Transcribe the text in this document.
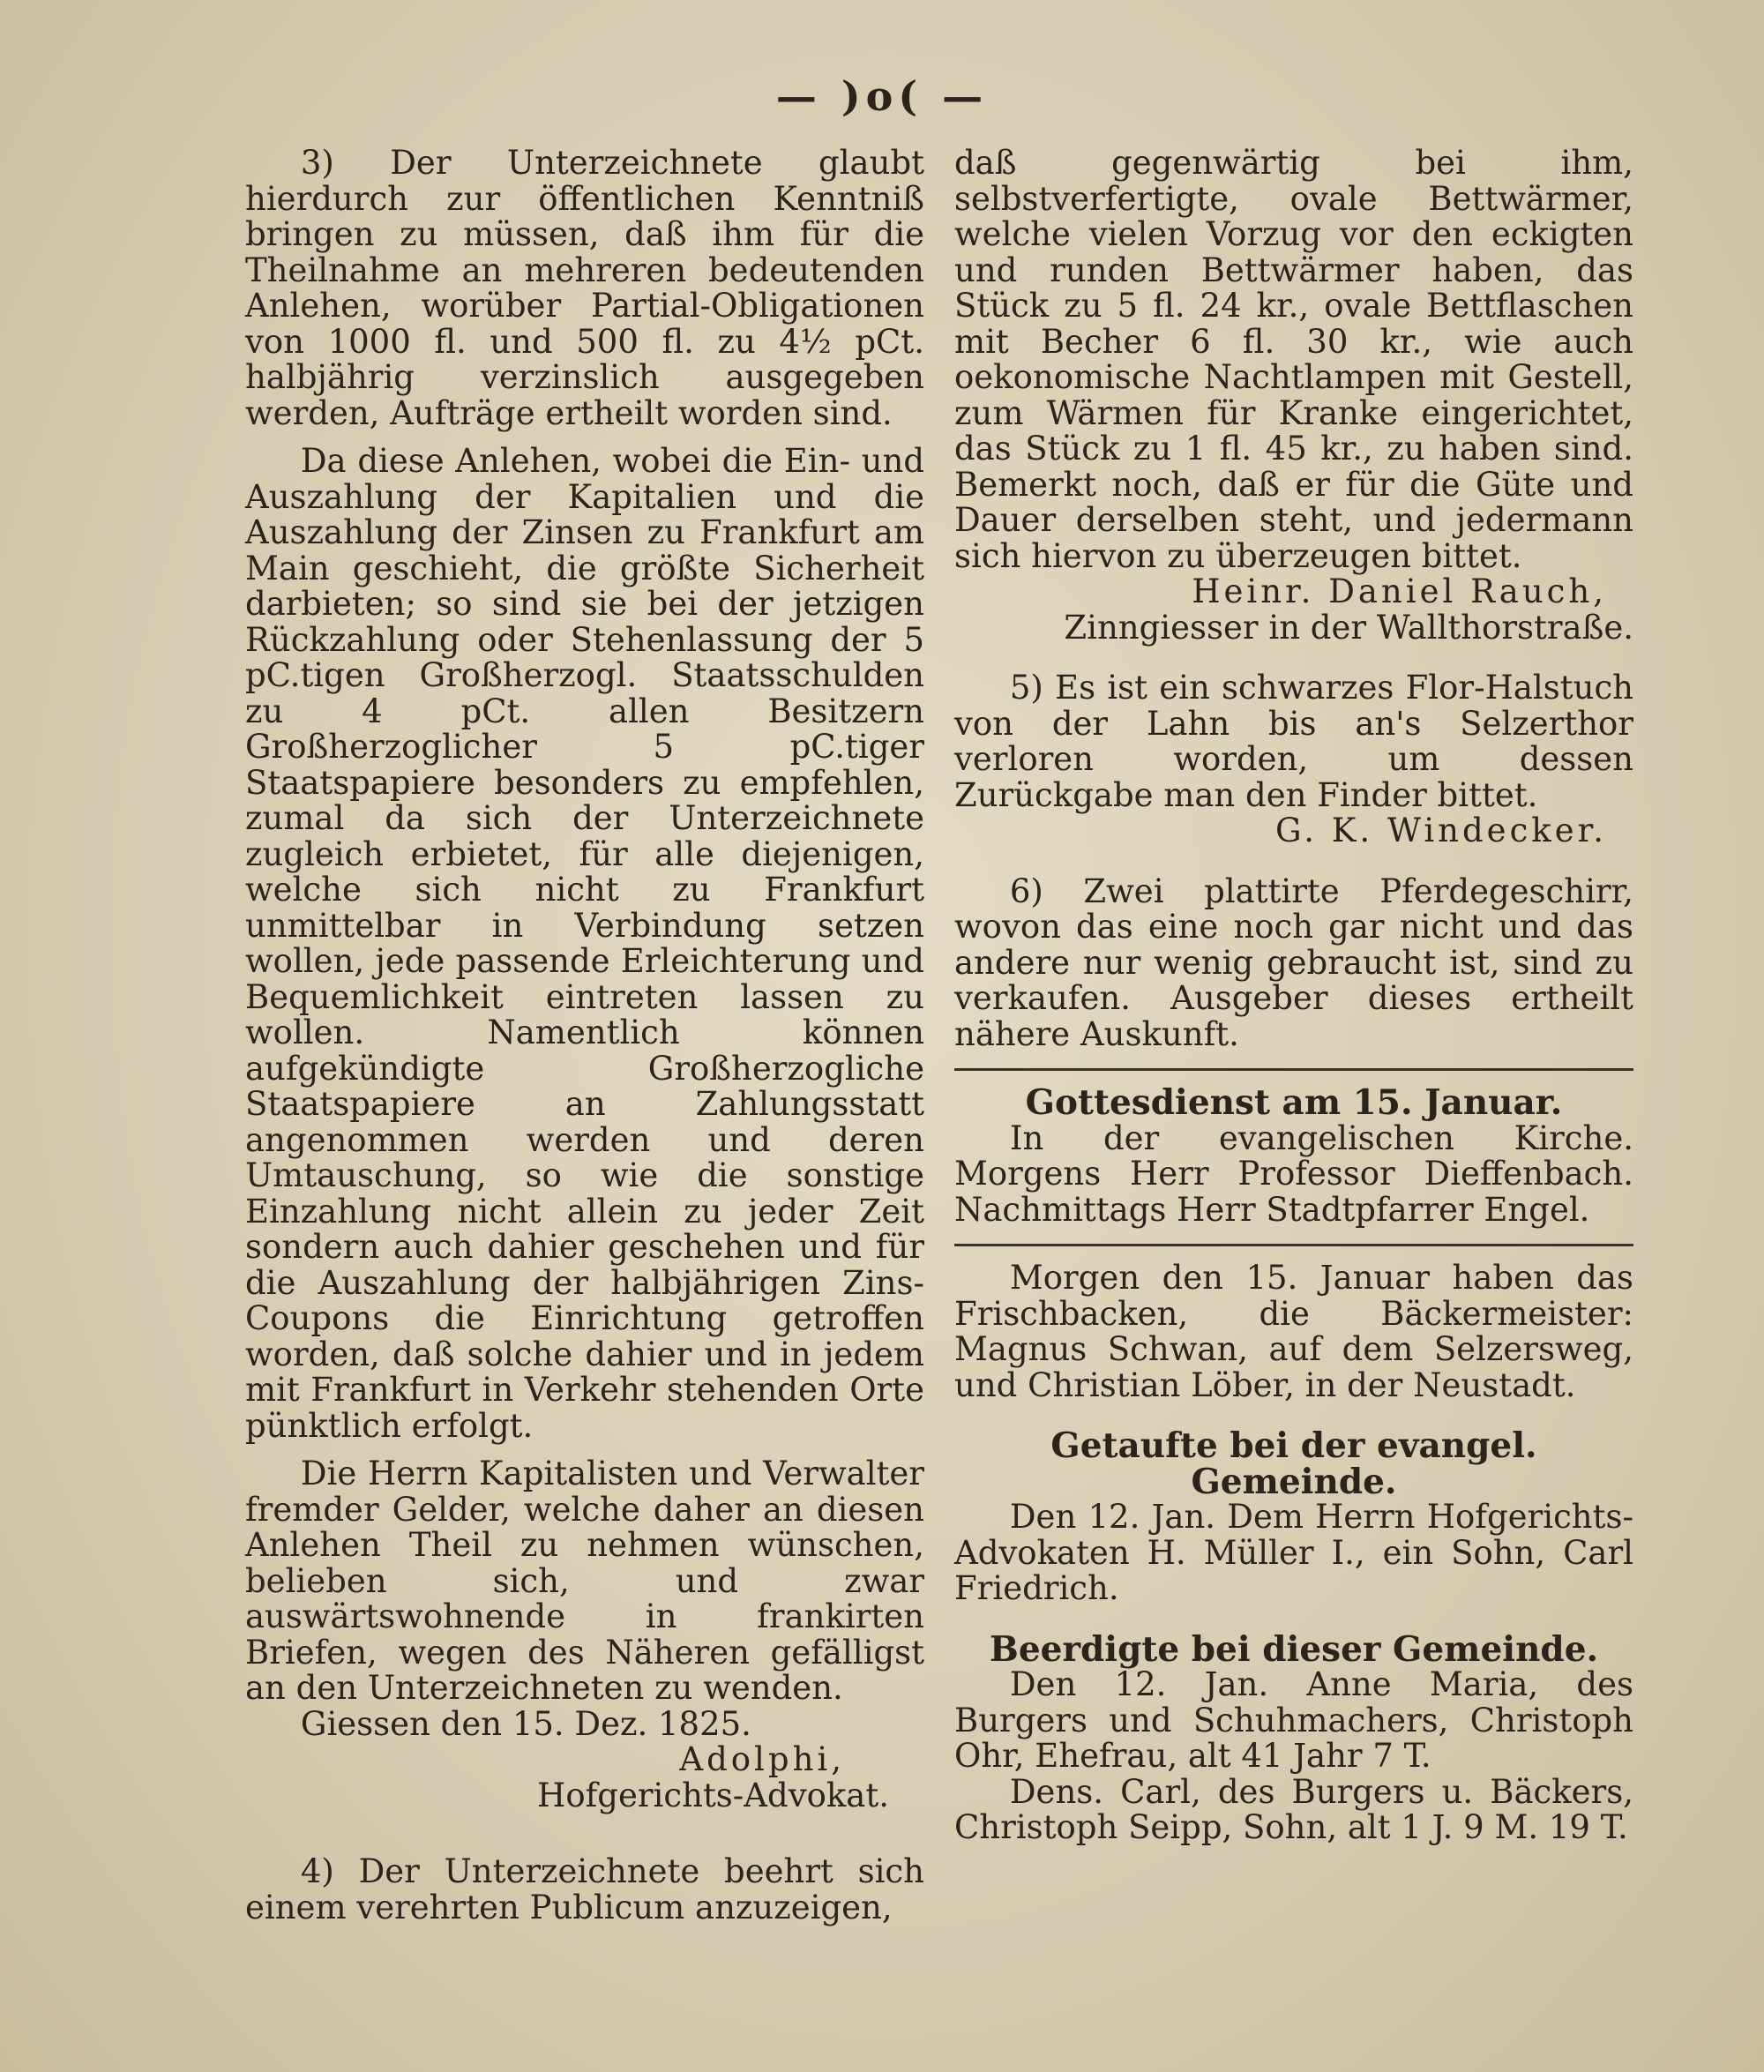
— )o( —

3) Der Unterzeichnete glaubt hierdurch zur öffentlichen Kenntniß bringen zu müssen, daß ihm für die Theilnahme an mehreren bedeutenden Anlehen, worüber Partial-Obligationen von 1000 fl. und 500 fl. zu 4½ pCt. halbjährig verzinslich ausgegeben werden, Aufträge ertheilt worden sind.

Da diese Anlehen, wobei die Ein- und Auszahlung der Kapitalien und die Auszahlung der Zinsen zu Frankfurt am Main geschieht, die größte Sicherheit darbieten; so sind sie bei der jetzigen Rückzahlung oder Stehenlassung der 5 pC.tigen Großherzogl. Staatsschulden zu 4 pCt. allen Besitzern Großherzoglicher 5 pC.tiger Staatspapiere besonders zu empfehlen, zumal da sich der Unterzeichnete zugleich erbietet, für alle diejenigen, welche sich nicht zu Frankfurt unmittelbar in Verbindung setzen wollen, jede passende Erleichterung und Bequemlichkeit eintreten lassen zu wollen. Namentlich können aufgekündigte Großherzogliche Staatspapiere an Zahlungsstatt angenommen werden und deren Umtauschung, so wie die sonstige Einzahlung nicht allein zu jeder Zeit sondern auch dahier geschehen und für die Auszahlung der halbjährigen Zins-Coupons die Einrichtung getroffen worden, daß solche dahier und in jedem mit Frankfurt in Verkehr stehenden Orte pünktlich erfolgt.

Die Herrn Kapitalisten und Verwalter fremder Gelder, welche daher an diesen Anlehen Theil zu nehmen wünschen, belieben sich, und zwar auswärtswohnende in frankirten Briefen, wegen des Näheren gefälligst an den Unterzeichneten zu wenden.

Giessen den 15. Dez. 1825.

Adolphi,

Hofgerichts-Advokat.

4) Der Unterzeichnete beehrt sich einem verehrten Publicum anzuzeigen,

daß gegenwärtig bei ihm, selbstverfertigte, ovale Bettwärmer, welche vielen Vorzug vor den eckigten und runden Bettwärmer haben, das Stück zu 5 fl. 24 kr., ovale Bettflaschen mit Becher 6 fl. 30 kr., wie auch oekonomische Nachtlampen mit Gestell, zum Wärmen für Kranke eingerichtet, das Stück zu 1 fl. 45 kr., zu haben sind. Bemerkt noch, daß er für die Güte und Dauer derselben steht, und jedermann sich hiervon zu überzeugen bittet.

Heinr. Daniel Rauch,

Zinngiesser in der Wallthorstraße.

5) Es ist ein schwarzes Flor-Halstuch von der Lahn bis an's Selzerthor verloren worden, um dessen Zurückgabe man den Finder bittet.

G. K. Windecker.

6) Zwei plattirte Pferdegeschirr, wovon das eine noch gar nicht und das andere nur wenig gebraucht ist, sind zu verkaufen. Ausgeber dieses ertheilt nähere Auskunft.

Gottesdienst am 15. Januar.

In der evangelischen Kirche. Morgens Herr Professor Dieffenbach. Nachmittags Herr Stadtpfarrer Engel.

Morgen den 15. Januar haben das Frischbacken, die Bäckermeister: Magnus Schwan, auf dem Selzersweg, und Christian Löber, in der Neustadt.

Getaufte bei der evangel. Gemeinde.

Den 12. Jan. Dem Herrn Hofgerichts-Advokaten H. Müller I., ein Sohn, Carl Friedrich.

Beerdigte bei dieser Gemeinde.

Den 12. Jan. Anne Maria, des Burgers und Schuhmachers, Christoph Ohr, Ehefrau, alt 41 Jahr 7 T.

Dens. Carl, des Burgers u. Bäckers, Christoph Seipp, Sohn, alt 1 J. 9 M. 19 T.
